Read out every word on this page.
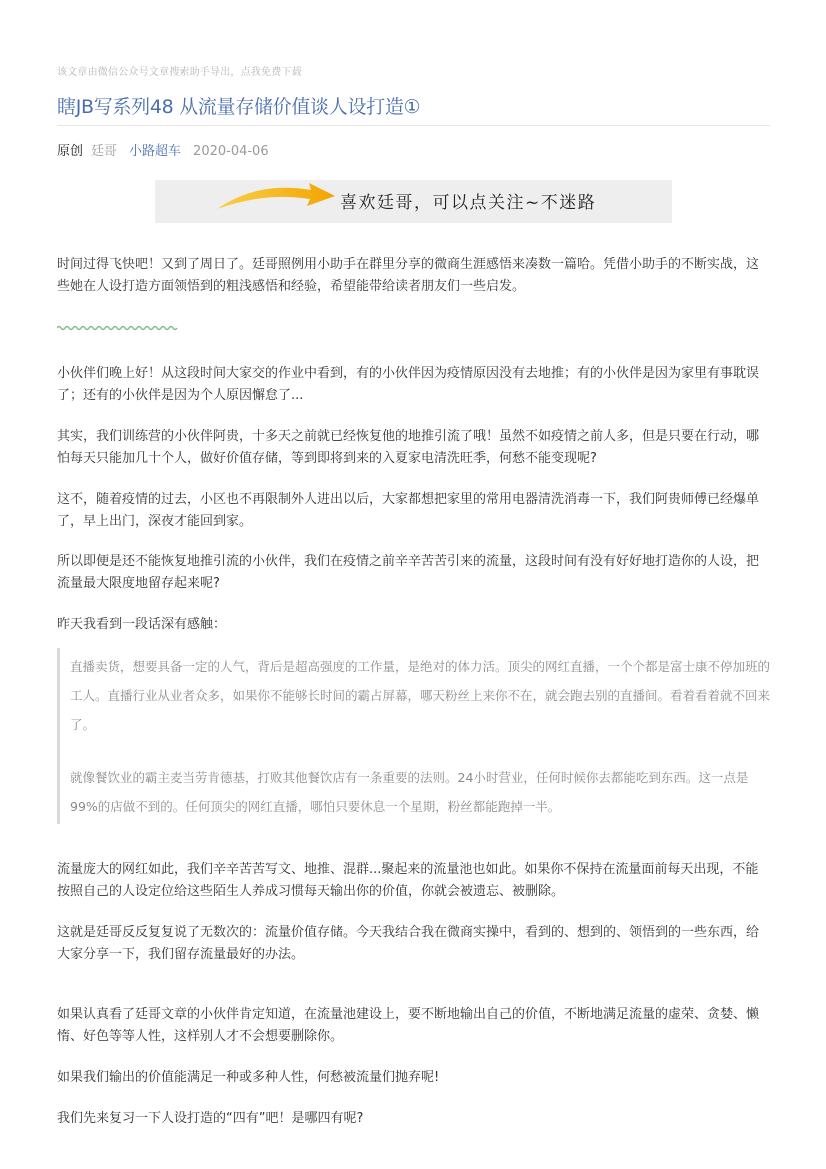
该文章由微信公众号文章搜索助手导出，点我免费下载
瞎JB写系列48 从流量存储价值谈人设打造①
原创 廷哥 小路超车 2020-04-06
喜欢廷哥，可以点关注~不迷路

时间过得飞快吧！又到了周日了。廷哥照例用小助手在群里分享的微商生涯感悟来凑数一篇哈。凭借小助手的不断实战，这些她在人设打造方面领悟到的粗浅感悟和经验，希望能带给读者朋友们一些启发。

小伙伴们晚上好！从这段时间大家交的作业中看到，有的小伙伴因为疫情原因没有去地推；有的小伙伴是因为家里有事耽误了；还有的小伙伴是因为个人原因懈怠了...

其实，我们训练营的小伙伴阿贵，十多天之前就已经恢复他的地推引流了哦！虽然不如疫情之前人多，但是只要在行动，哪怕每天只能加几十个人，做好价值存储，等到即将到来的入夏家电清洗旺季，何愁不能变现呢?

这不，随着疫情的过去，小区也不再限制外人进出以后，大家都想把家里的常用电器清洗消毒一下，我们阿贵师傅已经爆单了，早上出门，深夜才能回到家。

所以即便是还不能恢复地推引流的小伙伴，我们在疫情之前辛辛苦苦引来的流量，这段时间有没有好好地打造你的人设，把流量最大限度地留存起来呢?

昨天我看到一段话深有感触：

直播卖货，想要具备一定的人气，背后是超高强度的工作量，是绝对的体力活。顶尖的网红直播，一个个都是富士康不停加班的工人。直播行业从业者众多，如果你不能够长时间的霸占屏幕，哪天粉丝上来你不在，就会跑去别的直播间。看着看着就不回来了。

就像餐饮业的霸主麦当劳肯德基，打败其他餐饮店有一条重要的法则。24小时营业，任何时候你去都能吃到东西。这一点是99%的店做不到的。任何顶尖的网红直播，哪怕只要休息一个星期，粉丝都能跑掉一半。

流量庞大的网红如此，我们辛辛苦苦写文、地推、混群...聚起来的流量池也如此。如果你不保持在流量面前每天出现，不能按照自己的人设定位给这些陌生人养成习惯每天输出你的价值，你就会被遗忘、被删除。

这就是廷哥反反复复说了无数次的：流量价值存储。今天我结合我在微商实操中，看到的、想到的、领悟到的一些东西，给大家分享一下，我们留存流量最好的办法。

如果认真看了廷哥文章的小伙伴肯定知道，在流量池建设上，要不断地输出自己的价值，不断地满足流量的虚荣、贪婪、懒惰、好色等等人性，这样别人才不会想要删除你。

如果我们输出的价值能满足一种或多种人性，何愁被流量们抛弃呢!

我们先来复习一下人设打造的“四有”吧！是哪四有呢?
